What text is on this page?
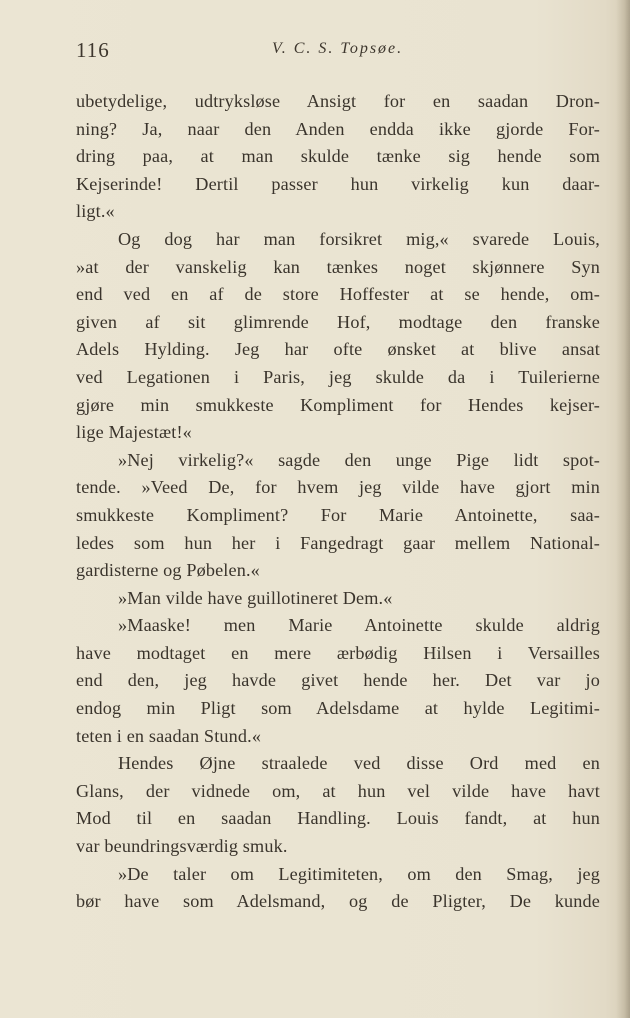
116	V. C. S. Topsøe.
ubetydelige, udtryksløse Ansigt for en saadan Dron-
ning? Ja, naar den Anden endda ikke gjorde For-
dring paa, at man skulde tænke sig hende som
Kejserinde! Dertil passer hun virkelig kun daar-
ligt.«
Og dog har man forsikret mig,« svarede Louis,
»at der vanskelig kan tænkes noget skjønnere Syn
end ved en af de store Hoffester at se hende, om-
given af sit glimrende Hof, modtage den franske
Adels Hylding. Jeg har ofte ønsket at blive ansat
ved Legationen i Paris, jeg skulde da i Tuilerierne
gjøre min smukkeste Kompliment for Hendes kejser-
lige Majestæt!«
»Nej virkelig?« sagde den unge Pige lidt spot-
tende. »Veed De, for hvem jeg vilde have gjort min
smukkeste Kompliment? For Marie Antoinette, saa-
ledes som hun her i Fangedragt gaar mellem National-
gardisterne og Pøbelen.«
»Man vilde have guillotineret Dem.«
»Maaske! men Marie Antoinette skulde aldrig
have modtaget en mere ærbødig Hilsen i Versailles
end den, jeg havde givet hende her. Det var jo
endog min Pligt som Adelsdame at hylde Legitimi-
teten i en saadan Stund.«
Hendes Øjne straalede ved disse Ord med en
Glans, der vidnede om, at hun vel vilde have havt
Mod til en saadan Handling. Louis fandt, at hun
var beundringsværdig smuk.
»De taler om Legitimiteten, om den Smag, jeg
bør have som Adelsmand, og de Pligter, De kunde
